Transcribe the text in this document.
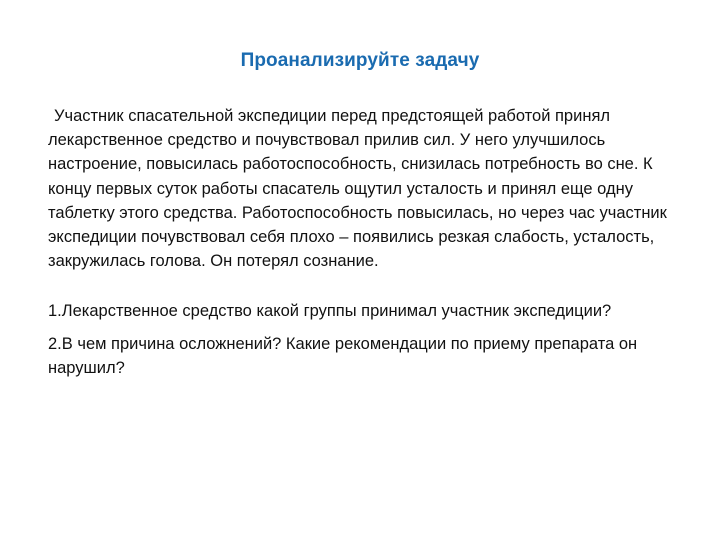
Проанализируйте задачу

Участник спасательной экспедиции перед предстоящей работой принял лекарственное средство и почувствовал прилив сил. У него улучшилось настроение, повысилась работоспособность, снизилась потребность во сне. К концу первых суток работы спасатель ощутил усталость и принял еще одну таблетку этого средства. Работоспособность повысилась, но через час участник экспедиции почувствовал себя плохо – появились резкая слабость, усталость, закружилась голова. Он потерял сознание.

1.Лекарственное средство какой группы принимал участник экспедиции?

2.В чем причина осложнений? Какие рекомендации по приему препарата он нарушил?
